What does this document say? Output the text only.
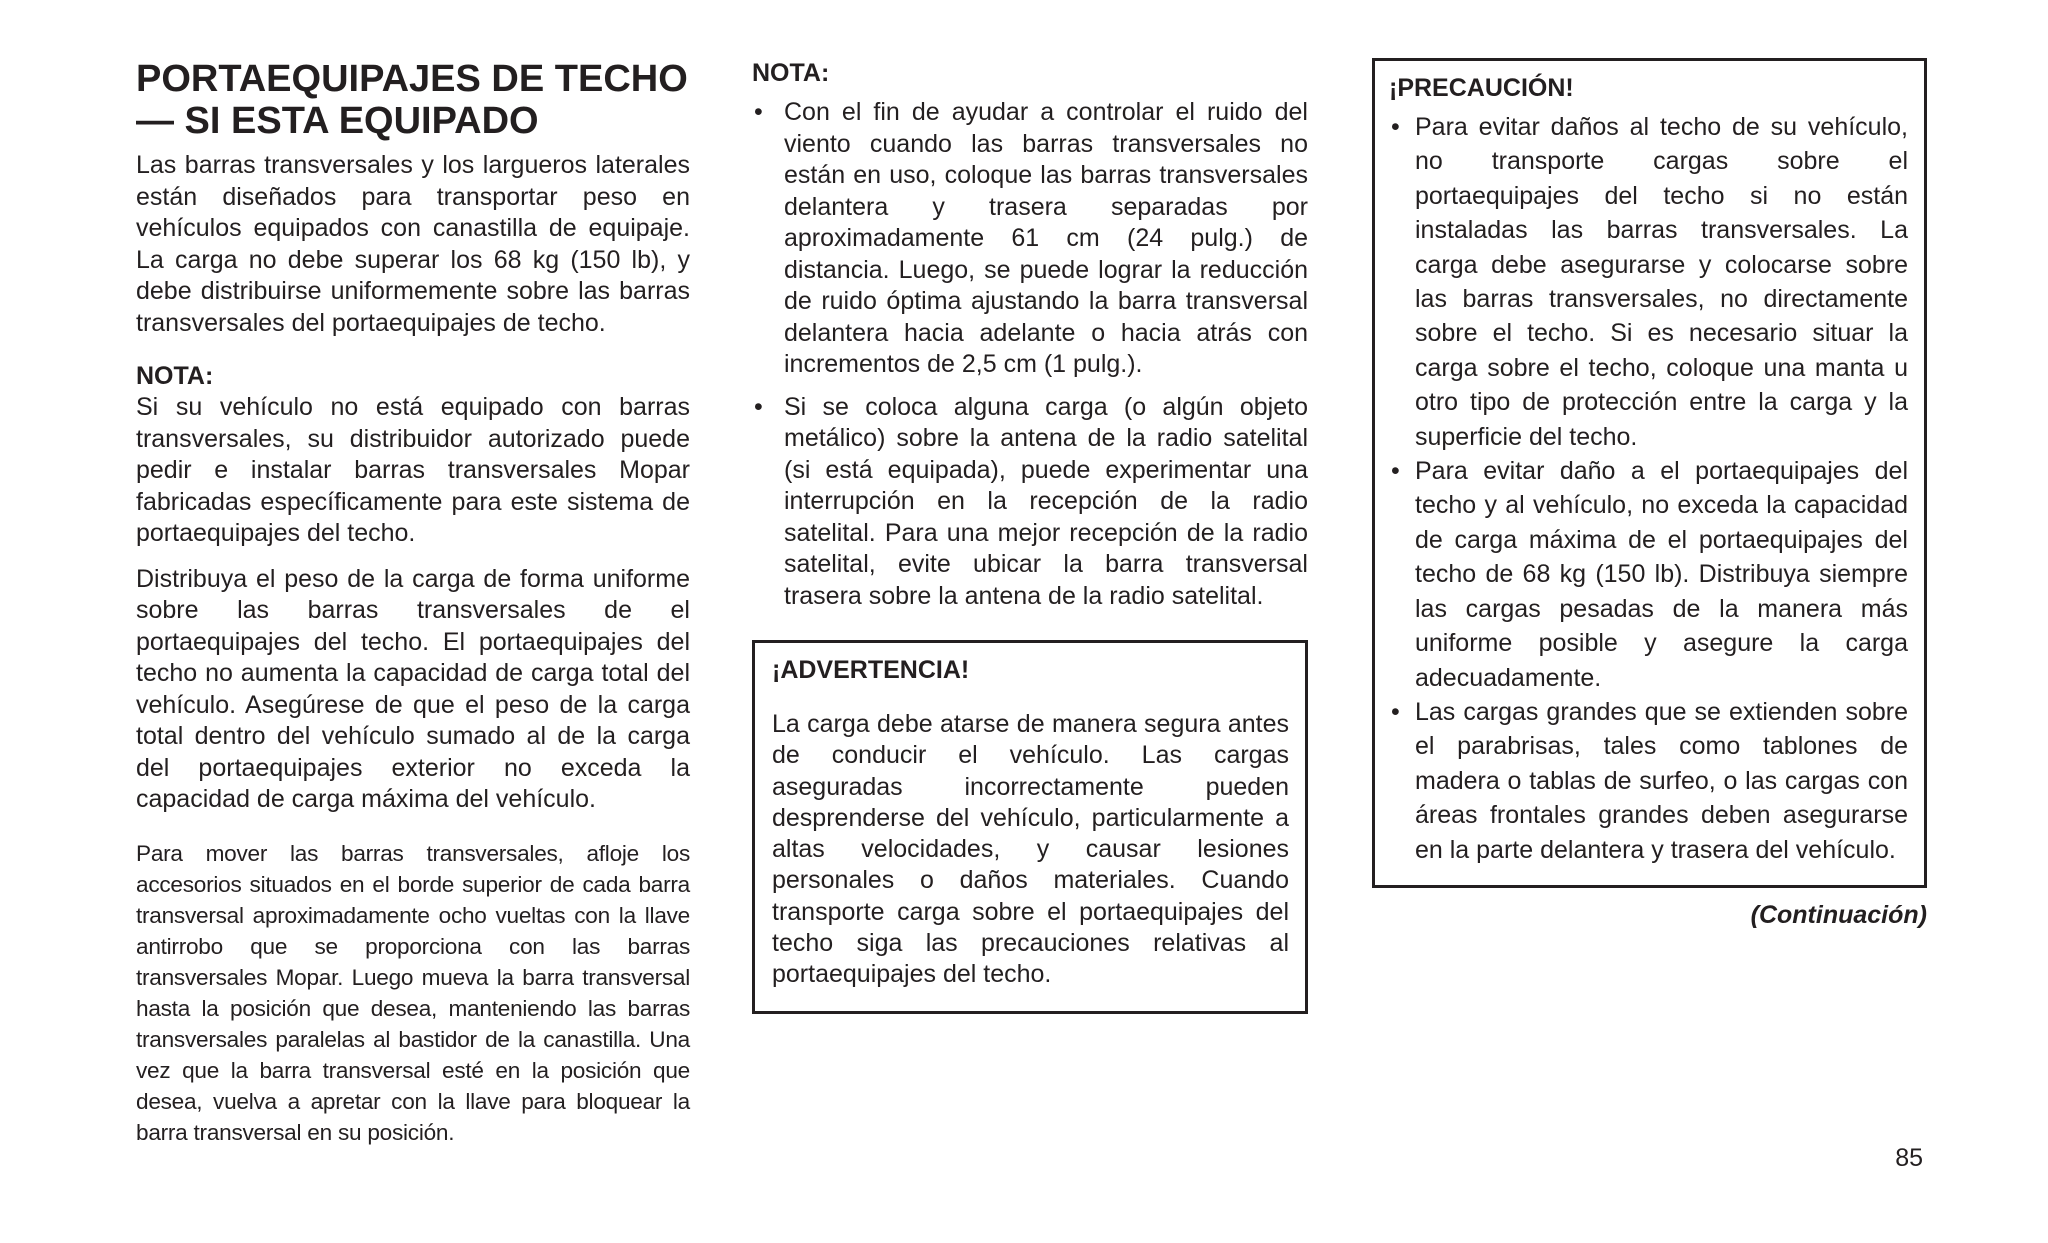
PORTAEQUIPAJES DE TECHO
— SI ESTA EQUIPADO

Las barras transversales y los largueros laterales están diseñados para transportar peso en vehículos equipados con canastilla de equipaje. La carga no debe superar los 68 kg (150 lb), y debe distribuirse uniformemente sobre las barras transversales del portaequipajes de techo.

NOTA:

Si su vehículo no está equipado con barras transversales, su distribuidor autorizado puede pedir e instalar barras transversales Mopar fabricadas específicamente para este sistema de portaequipajes del techo.

Distribuya el peso de la carga de forma uniforme sobre las barras transversales de el portaequipajes del techo. El portaequipajes del techo no aumenta la capacidad de carga total del vehículo. Asegúrese de que el peso de la carga total dentro del vehículo sumado al de la carga del portaequipajes exterior no exceda la capacidad de carga máxima del vehículo.

Para mover las barras transversales, afloje los accesorios situados en el borde superior de cada barra transversal aproximadamente ocho vueltas con la llave antirrobo que se proporciona con las barras transversales Mopar. Luego mueva la barra transversal hasta la posición que desea, manteniendo las barras transversales paralelas al bastidor de la canastilla. Una vez que la barra transversal esté en la posición que desea, vuelva a apretar con la llave para bloquear la barra transversal en su posición.

NOTA:

• Con el fin de ayudar a controlar el ruido del viento cuando las barras transversales no están en uso, coloque las barras transversales delantera y trasera separadas por aproximadamente 61 cm (24 pulg.) de distancia. Luego, se puede lograr la reducción de ruido óptima ajustando la barra transversal delantera hacia adelante o hacia atrás con incrementos de 2,5 cm (1 pulg.).
• Si se coloca alguna carga (o algún objeto metálico) sobre la antena de la radio satelital (si está equipada), puede experimentar una interrupción en la recepción de la radio satelital. Para una mejor recepción de la radio satelital, evite ubicar la barra transversal trasera sobre la antena de la radio satelital.

¡ADVERTENCIA!

La carga debe atarse de manera segura antes de conducir el vehículo. Las cargas aseguradas incorrectamente pueden desprenderse del vehículo, particularmente a altas velocidades, y causar lesiones personales o daños materiales. Cuando transporte carga sobre el portaequipajes del techo siga las precauciones relativas al portaequipajes del techo.

¡PRECAUCIÓN!

• Para evitar daños al techo de su vehículo, no transporte cargas sobre el portaequipajes del techo si no están instaladas las barras transversales. La carga debe asegurarse y colocarse sobre las barras transversales, no directamente sobre el techo. Si es necesario situar la carga sobre el techo, coloque una manta u otro tipo de protección entre la carga y la superficie del techo.
• Para evitar daño a el portaequipajes del techo y al vehículo, no exceda la capacidad de carga máxima de el portaequipajes del techo de 68 kg (150 lb). Distribuya siempre las cargas pesadas de la manera más uniforme posible y asegure la carga adecuadamente.
• Las cargas grandes que se extienden sobre el parabrisas, tales como tablones de madera o tablas de surfeo, o las cargas con áreas frontales grandes deben asegurarse en la parte delantera y trasera del vehículo.

(Continuación)

85
